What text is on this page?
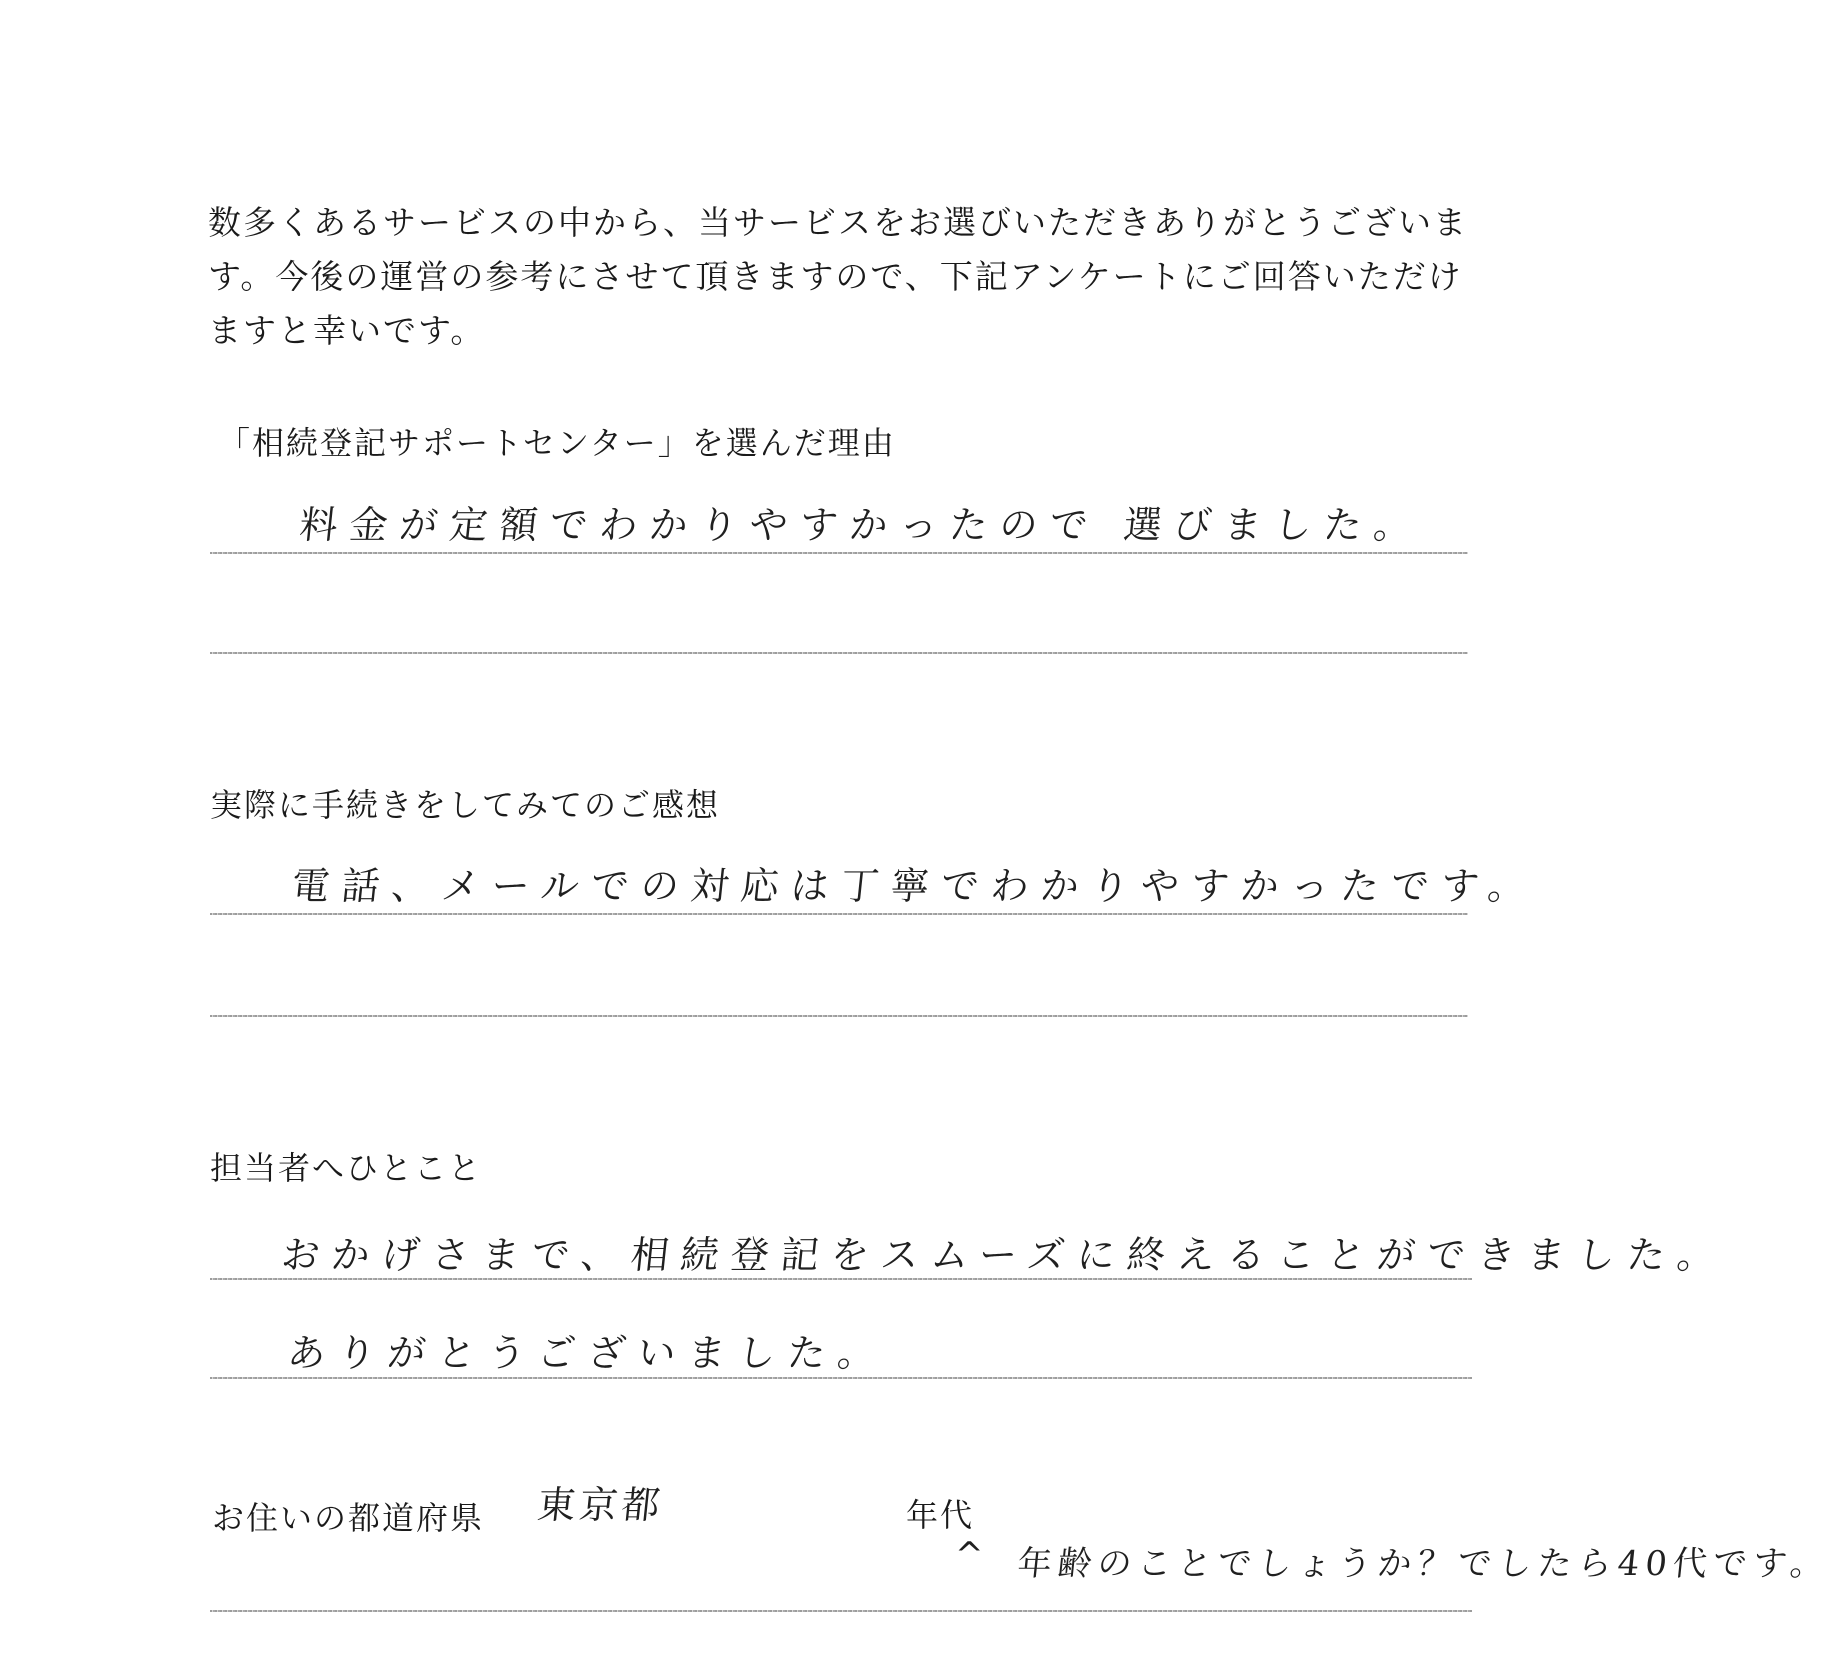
数多くあるサービスの中から、当サービスをお選びいただきありがとうございます。今後の運営の参考にさせて頂きますので、下記アンケートにご回答いただけますと幸いです。

「相続登記サポートセンター」を選んだ理由
料金が定額でわかりやすかったので 選びました。
実際に手続きをしてみてのご感想
電話、メールでの対応は丁寧でわかりやすかったです。
担当者へひとこと
おかげさまで、相続登記をスムーズに終えることができました。
ありがとうございました。
お住いの都道府県 東京都	年代
^ 年齢のことでしょうか？でしたら40代です。
